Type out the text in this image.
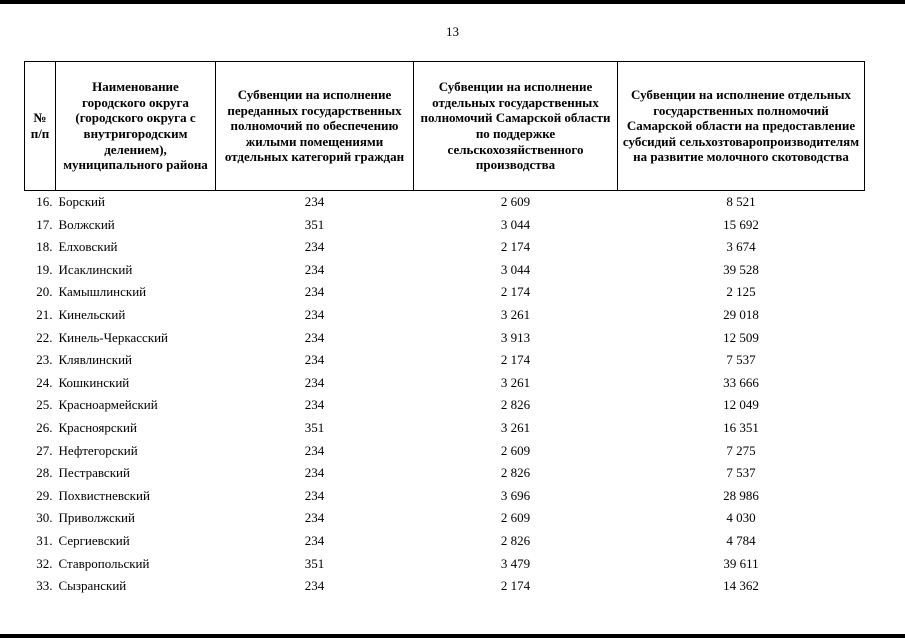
13
№ п/п	Наименование городского округа (городского округа с внутригородским делением), муниципального района	Субвенции на исполнение переданных государственных полномочий по обеспечению жилыми помещениями отдельных категорий граждан	Субвенции на исполнение отдельных государственных полномочий Самарской области по поддержке сельскохозяйственного производства	Субвенции на исполнение отдельных государственных полномочий Самарской области на предоставление субсидий сельхозтоваропроизводителям на развитие молочного скотоводства
16.	Борский	234	2 609	8 521
17.	Волжский	351	3 044	15 692
18.	Елховский	234	2 174	3 674
19.	Исаклинский	234	3 044	39 528
20.	Камышлинский	234	2 174	2 125
21.	Кинельский	234	3 261	29 018
22.	Кинель-Черкасский	234	3 913	12 509
23.	Клявлинский	234	2 174	7 537
24.	Кошкинский	234	3 261	33 666
25.	Красноармейский	234	2 826	12 049
26.	Красноярский	351	3 261	16 351
27.	Нефтегорский	234	2 609	7 275
28.	Пестравский	234	2 826	7 537
29.	Похвистневский	234	3 696	28 986
30.	Приволжский	234	2 609	4 030
31.	Сергиевский	234	2 826	4 784
32.	Ставропольский	351	3 479	39 611
33.	Сызранский	234	2 174	14 362
